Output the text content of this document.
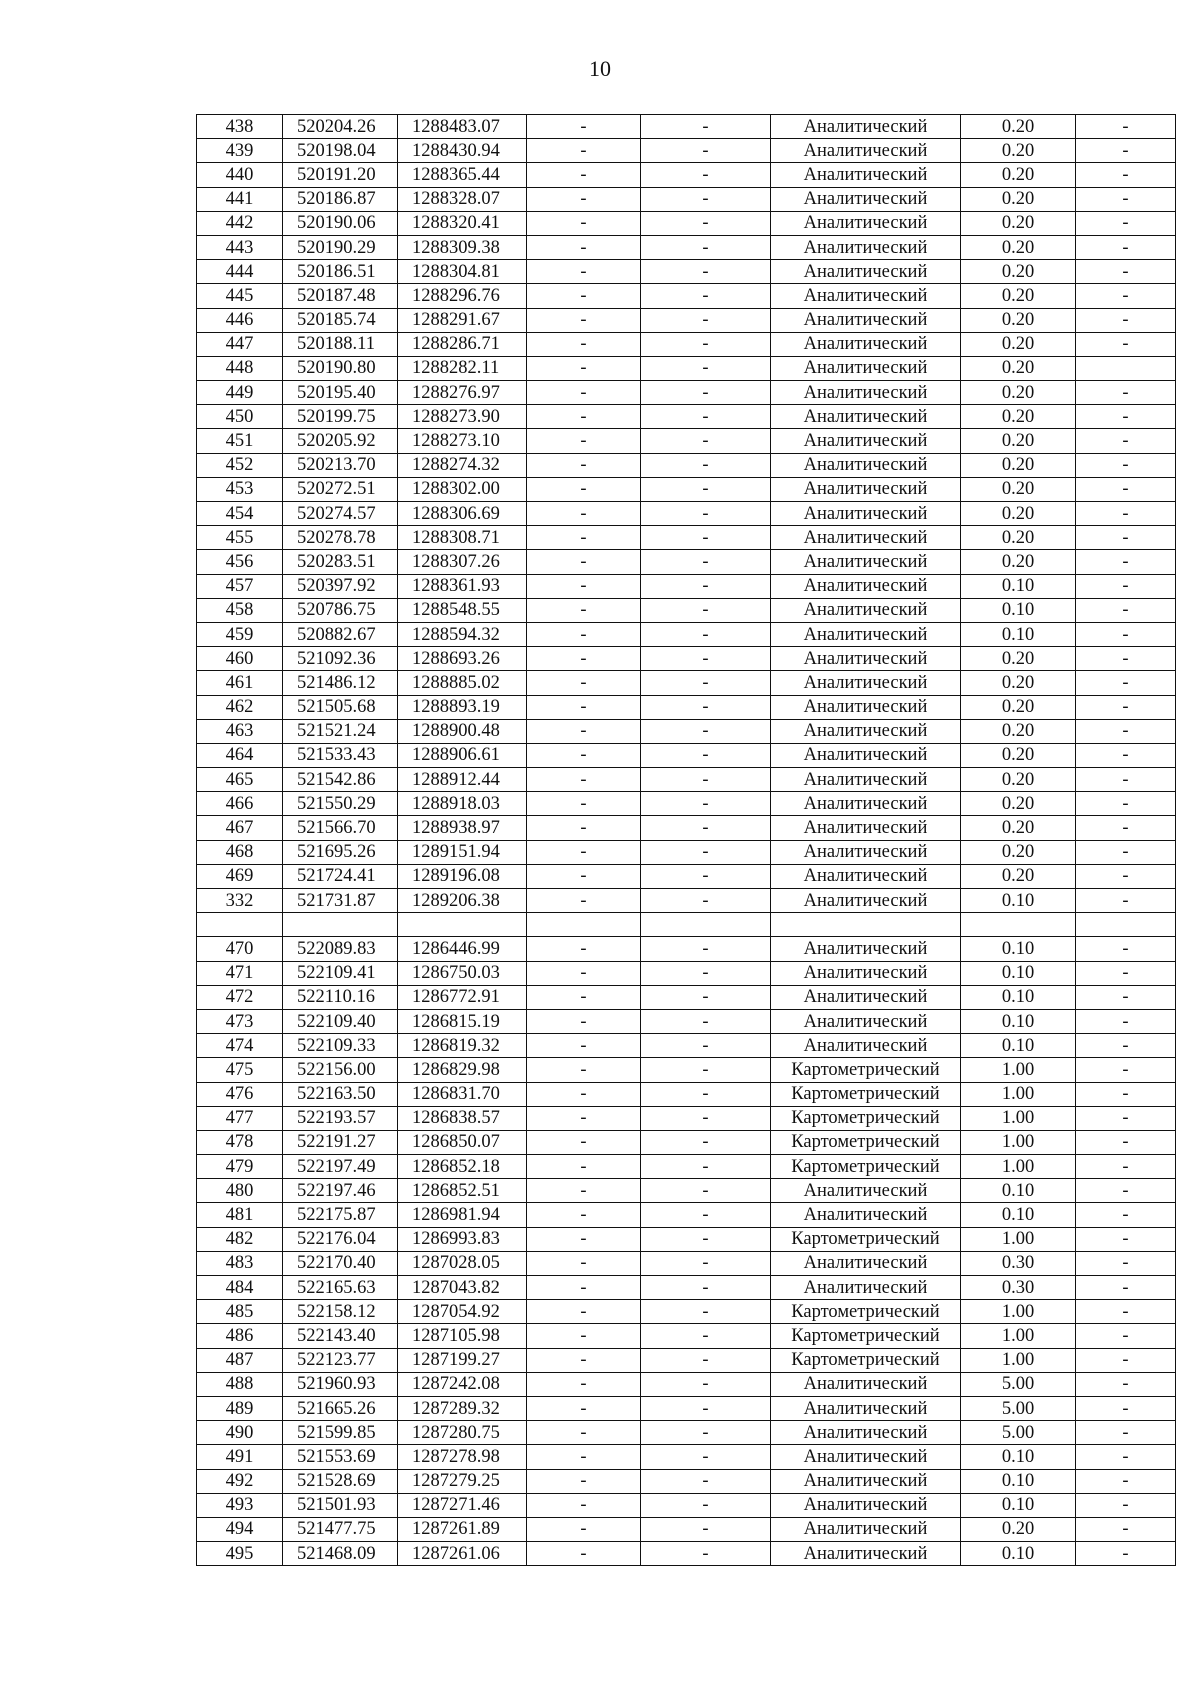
10
438	520204.26	1288483.07	-	-	Аналитический	0.20	-
439	520198.04	1288430.94	-	-	Аналитический	0.20	-
440	520191.20	1288365.44	-	-	Аналитический	0.20	-
441	520186.87	1288328.07	-	-	Аналитический	0.20	-
442	520190.06	1288320.41	-	-	Аналитический	0.20	-
443	520190.29	1288309.38	-	-	Аналитический	0.20	-
444	520186.51	1288304.81	-	-	Аналитический	0.20	-
445	520187.48	1288296.76	-	-	Аналитический	0.20	-
446	520185.74	1288291.67	-	-	Аналитический	0.20	-
447	520188.11	1288286.71	-	-	Аналитический	0.20	-
448	520190.80	1288282.11	-	-	Аналитический	0.20	
449	520195.40	1288276.97	-	-	Аналитический	0.20	-
450	520199.75	1288273.90	-	-	Аналитический	0.20	-
451	520205.92	1288273.10	-	-	Аналитический	0.20	-
452	520213.70	1288274.32	-	-	Аналитический	0.20	-
453	520272.51	1288302.00	-	-	Аналитический	0.20	-
454	520274.57	1288306.69	-	-	Аналитический	0.20	-
455	520278.78	1288308.71	-	-	Аналитический	0.20	-
456	520283.51	1288307.26	-	-	Аналитический	0.20	-
457	520397.92	1288361.93	-	-	Аналитический	0.10	-
458	520786.75	1288548.55	-	-	Аналитический	0.10	-
459	520882.67	1288594.32	-	-	Аналитический	0.10	-
460	521092.36	1288693.26	-	-	Аналитический	0.20	-
461	521486.12	1288885.02	-	-	Аналитический	0.20	-
462	521505.68	1288893.19	-	-	Аналитический	0.20	-
463	521521.24	1288900.48	-	-	Аналитический	0.20	-
464	521533.43	1288906.61	-	-	Аналитический	0.20	-
465	521542.86	1288912.44	-	-	Аналитический	0.20	-
466	521550.29	1288918.03	-	-	Аналитический	0.20	-
467	521566.70	1288938.97	-	-	Аналитический	0.20	-
468	521695.26	1289151.94	-	-	Аналитический	0.20	-
469	521724.41	1289196.08	-	-	Аналитический	0.20	-
332	521731.87	1289206.38	-	-	Аналитический	0.10	-

470	522089.83	1286446.99	-	-	Аналитический	0.10	-
471	522109.41	1286750.03	-	-	Аналитический	0.10	-
472	522110.16	1286772.91	-	-	Аналитический	0.10	-
473	522109.40	1286815.19	-	-	Аналитический	0.10	-
474	522109.33	1286819.32	-	-	Аналитический	0.10	-
475	522156.00	1286829.98	-	-	Картометрический	1.00	-
476	522163.50	1286831.70	-	-	Картометрический	1.00	-
477	522193.57	1286838.57	-	-	Картометрический	1.00	-
478	522191.27	1286850.07	-	-	Картометрический	1.00	-
479	522197.49	1286852.18	-	-	Картометрический	1.00	-
480	522197.46	1286852.51	-	-	Аналитический	0.10	-
481	522175.87	1286981.94	-	-	Аналитический	0.10	-
482	522176.04	1286993.83	-	-	Картометрический	1.00	-
483	522170.40	1287028.05	-	-	Аналитический	0.30	-
484	522165.63	1287043.82	-	-	Аналитический	0.30	-
485	522158.12	1287054.92	-	-	Картометрический	1.00	-
486	522143.40	1287105.98	-	-	Картометрический	1.00	-
487	522123.77	1287199.27	-	-	Картометрический	1.00	-
488	521960.93	1287242.08	-	-	Аналитический	5.00	-
489	521665.26	1287289.32	-	-	Аналитический	5.00	-
490	521599.85	1287280.75	-	-	Аналитический	5.00	-
491	521553.69	1287278.98	-	-	Аналитический	0.10	-
492	521528.69	1287279.25	-	-	Аналитический	0.10	-
493	521501.93	1287271.46	-	-	Аналитический	0.10	-
494	521477.75	1287261.89	-	-	Аналитический	0.20	-
495	521468.09	1287261.06	-	-	Аналитический	0.10	-
